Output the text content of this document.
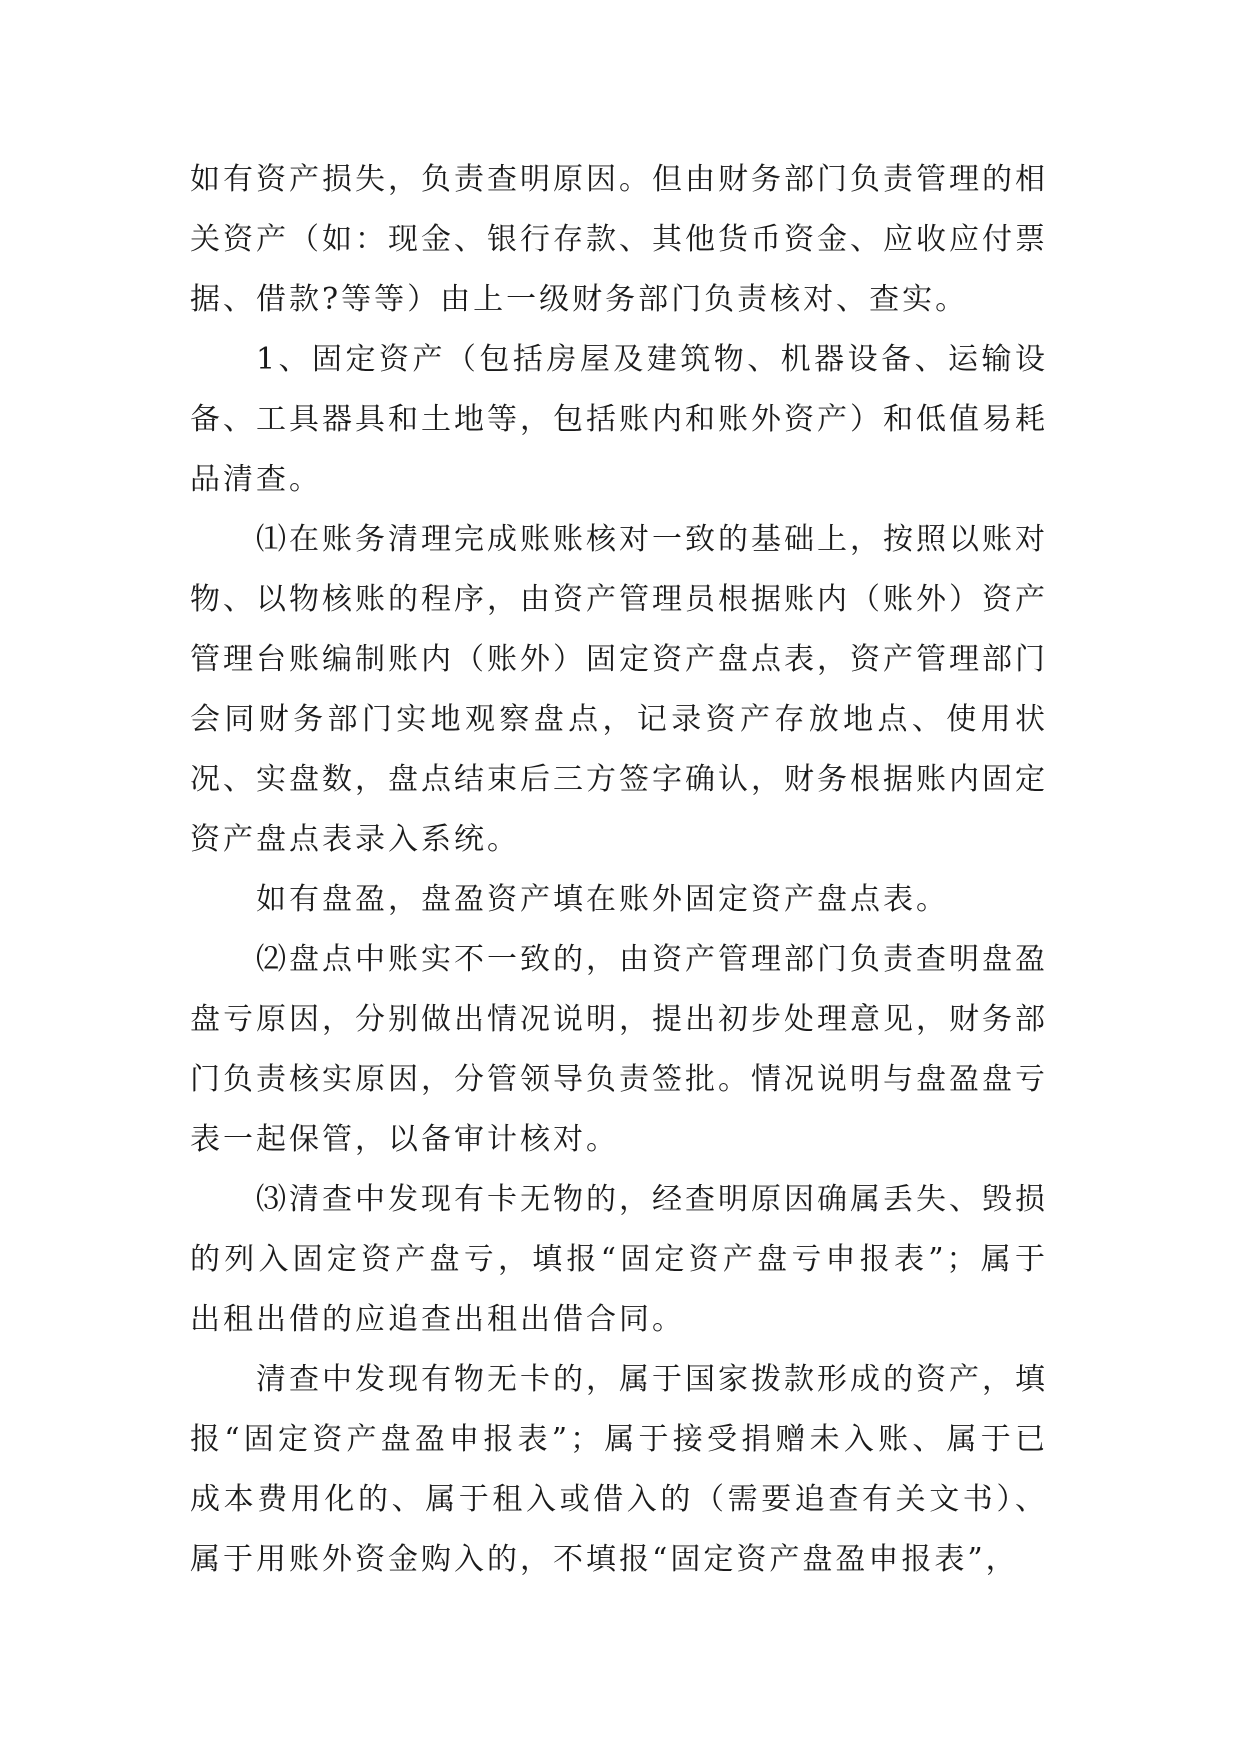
如有资产损失，负责查明原因。但由财务部门负责管理的相关资产（如：现金、银行存款、其他货币资金、应收应付票据、借款?等等）由上一级财务部门负责核对、查实。

1、固定资产（包括房屋及建筑物、机器设备、运输设备、工具器具和土地等，包括账内和账外资产）和低值易耗品清查。

⑴在账务清理完成账账核对一致的基础上，按照以账对物、以物核账的程序，由资产管理员根据账内（账外）资产管理台账编制账内（账外）固定资产盘点表，资产管理部门会同财务部门实地观察盘点，记录资产存放地点、使用状况、实盘数，盘点结束后三方签字确认，财务根据账内固定资产盘点表录入系统。

如有盘盈，盘盈资产填在账外固定资产盘点表。

⑵盘点中账实不一致的，由资产管理部门负责查明盘盈盘亏原因，分别做出情况说明，提出初步处理意见，财务部门负责核实原因，分管领导负责签批。情况说明与盘盈盘亏表一起保管，以备审计核对。

⑶清查中发现有卡无物的，经查明原因确属丢失、毁损的列入固定资产盘亏，填报“固定资产盘亏申报表”；属于出租出借的应追查出租出借合同。

清查中发现有物无卡的，属于国家拨款形成的资产，填报“固定资产盘盈申报表”；属于接受捐赠未入账、属于已成本费用化的、属于租入或借入的（需要追查有关文书）、属于用账外资金购入的，不填报“固定资产盘盈申报表”，
